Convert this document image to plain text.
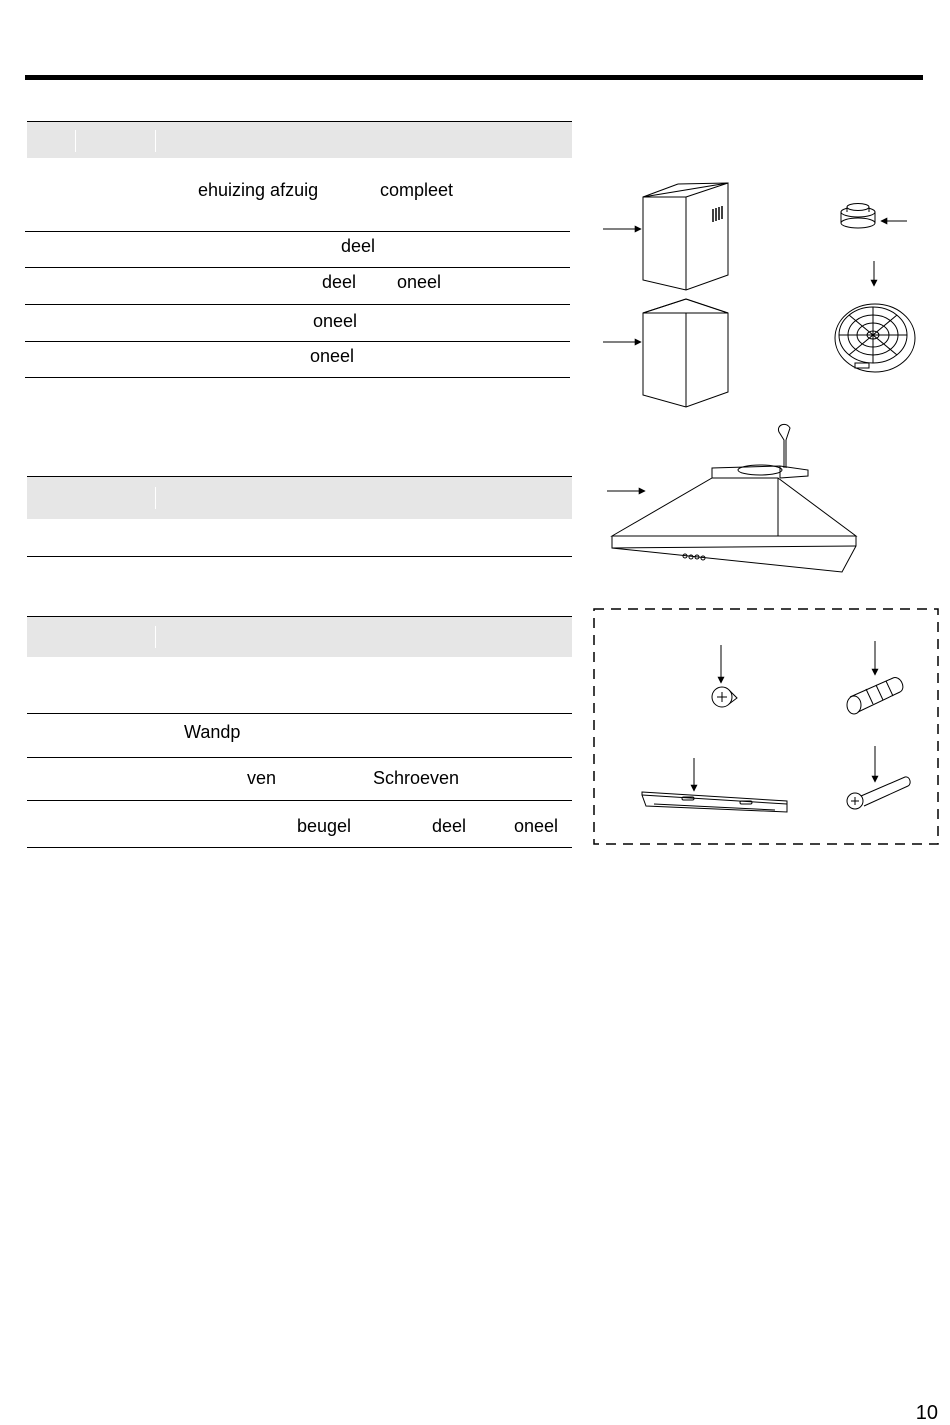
ehuizing afzuig	compleet
deel
deel oneel
oneel
oneel
Wandp
ven	Schroeven
beugel	deel	oneel
10
